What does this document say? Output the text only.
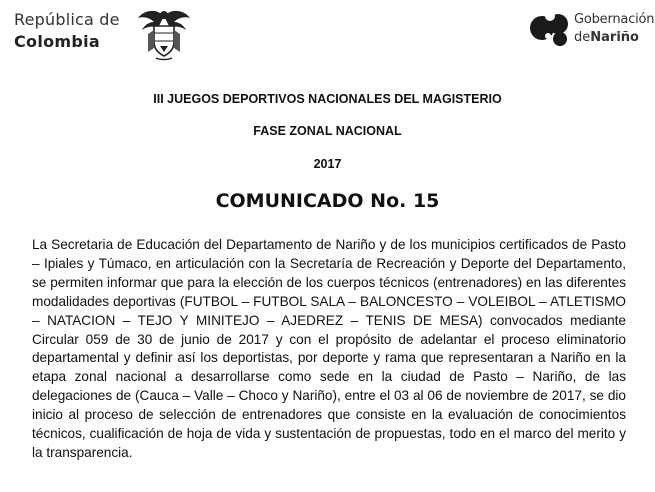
República de
Colombia
Gobernación
deNariño
III JUEGOS DEPORTIVOS NACIONALES DEL MAGISTERIO
FASE ZONAL NACIONAL
2017
COMUNICADO No. 15
La Secretaria de Educación del Departamento de Nariño y de los municipios certificados de Pasto – Ipiales y Túmaco, en articulación con la Secretaría de Recreación y Deporte del Departamento, se permiten informar que para la elección de los cuerpos técnicos (entrenadores) en las diferentes modalidades deportivas (FUTBOL – FUTBOL SALA – BALONCESTO – VOLEIBOL – ATLETISMO – NATACION – TEJO Y MINITEJO – AJEDREZ – TENIS DE MESA) convocados mediante Circular 059 de 30 de junio de 2017 y con el propósito de adelantar el proceso eliminatorio departamental y definir así los deportistas, por deporte y rama que representaran a Nariño en la etapa zonal nacional a desarrollarse como sede en la ciudad de Pasto – Nariño, de las delegaciones de (Cauca – Valle – Choco y Nariño), entre el 03 al 06 de noviembre de 2017, se dio inicio al proceso de selección de entrenadores que consiste en la evaluación de conocimientos técnicos, cualificación de hoja de vida y sustentación de propuestas, todo en el marco del merito y la transparencia.
